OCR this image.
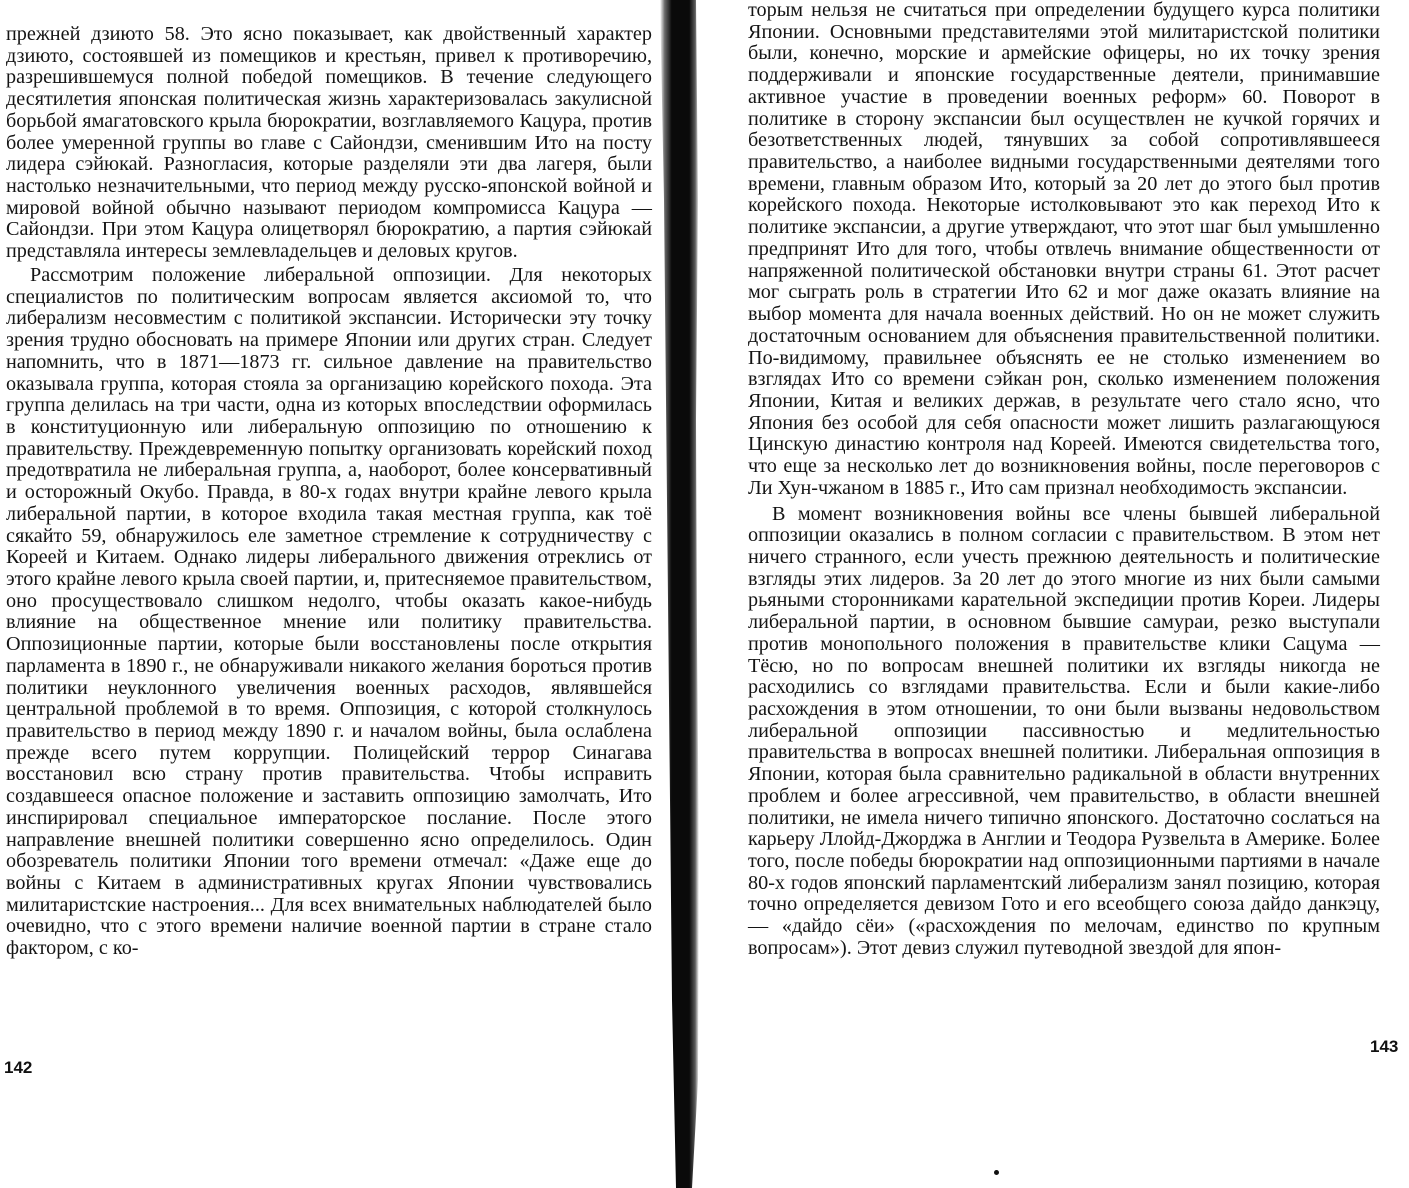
прежней дзиюто 58. Это ясно показывает, как двойственный характер дзиюто, состоявшей из помещиков и крестьян, привел к противоречию, разрешившемуся полной победой помещиков. В течение следующего десятилетия японская политическая жизнь характеризовалась закулисной борьбой ямагатовского крыла бюрократии, возглавляемого Кацура, против более умеренной группы во главе с Сайондзи, сменившим Ито на посту лидера сэйюкай. Разногласия, которые разделяли эти два лагеря, были настолько незначительными, что период между русско-японской войной и мировой войной обычно называют периодом компромисса Кацура — Сайондзи. При этом Кацура олицетворял бюрократию, а партия сэйюкай представляла интересы землевладельцев и деловых кругов.

Рассмотрим положение либеральной оппозиции. Для некоторых специалистов по политическим вопросам является аксиомой то, что либерализм несовместим с политикой экспансии. Исторически эту точку зрения трудно обосновать на примере Японии или других стран. Следует напомнить, что в 1871—1873 гг. сильное давление на правительство оказывала группа, которая стояла за организацию корейского похода. Эта группа делилась на три части, одна из которых впоследствии оформилась в конституционную или либеральную оппозицию по отношению к правительству. Преждевременную попытку организовать корейский поход предотвратила не либеральная группа, а, наоборот, более консервативный и осторожный Окубо. Правда, в 80-х годах внутри крайне левого крыла либеральной партии, в которое входила такая местная группа, как тоё сякайто 59, обнаружилось еле заметное стремление к сотрудничеству с Кореей и Китаем. Однако лидеры либерального движения отреклись от этого крайне левого крыла своей партии, и, притесняемое правительством, оно просуществовало слишком недолго, чтобы оказать какое-нибудь влияние на общественное мнение или политику правительства. Оппозиционные партии, которые были восстановлены после открытия парламента в 1890 г., не обнаруживали никакого желания бороться против политики неуклонного увеличения военных расходов, являвшейся центральной проблемой в то время. Оппозиция, с которой столкнулось правительство в период между 1890 г. и началом войны, была ослаблена прежде всего путем коррупции. Полицейский террор Синагава восстановил всю страну против правительства. Чтобы исправить создавшееся опасное положение и заставить оппозицию замолчать, Ито инспирировал специальное императорское послание. После этого направление внешней политики совершенно ясно определилось. Один обозреватель политики Японии того времени отмечал: «Даже еще до войны с Китаем в административных кругах Японии чувствовались милитаристские настроения... Для всех внимательных наблюдателей было очевидно, что с этого времени наличие военной партии в стране стало фактором, с ко-

142

торым нельзя не считаться при определении будущего курса политики Японии. Основными представителями этой милитаристской политики были, конечно, морские и армейские офицеры, но их точку зрения поддерживали и японские государственные деятели, принимавшие активное участие в проведении военных реформ» 60. Поворот в политике в сторону экспансии был осуществлен не кучкой горячих и безответственных людей, тянувших за собой сопротивлявшееся правительство, а наиболее видными государственными деятелями того времени, главным образом Ито, который за 20 лет до этого был против корейского похода. Некоторые истолковывают это как переход Ито к политике экспансии, а другие утверждают, что этот шаг был умышленно предпринят Ито для того, чтобы отвлечь внимание общественности от напряженной политической обстановки внутри страны 61. Этот расчет мог сыграть роль в стратегии Ито 62 и мог даже оказать влияние на выбор момента для начала военных действий. Но он не может служить достаточным основанием для объяснения правительственной политики. По-видимому, правильнее объяснять ее не столько изменением во взглядах Ито со времени сэйкан рон, сколько изменением положения Японии, Китая и великих держав, в результате чего стало ясно, что Япония без особой для себя опасности может лишить разлагающуюся Цинскую династию контроля над Кореей. Имеются свидетельства того, что еще за несколько лет до возникновения войны, после переговоров с Ли Хун-чжаном в 1885 г., Ито сам признал необходимость экспансии.

В момент возникновения войны все члены бывшей либеральной оппозиции оказались в полном согласии с правительством. В этом нет ничего странного, если учесть прежнюю деятельность и политические взгляды этих лидеров. За 20 лет до этого многие из них были самыми рьяными сторонниками карательной экспедиции против Кореи. Лидеры либеральной партии, в основном бывшие самураи, резко выступали против монопольного положения в правительстве клики Сацума — Тёсю, но по вопросам внешней политики их взгляды никогда не расходились со взглядами правительства. Если и были какие-либо расхождения в этом отношении, то они были вызваны недовольством либеральной оппозиции пассивностью и медлительностью правительства в вопросах внешней политики. Либеральная оппозиция в Японии, которая была сравнительно радикальной в области внутренних проблем и более агрессивной, чем правительство, в области внешней политики, не имела ничего типично японского. Достаточно сослаться на карьеру Ллойд-Джорджа в Англии и Теодора Рузвельта в Америке. Более того, после победы бюрократии над оппозиционными партиями в начале 80-х годов японский парламентский либерализм занял позицию, которая точно определяется девизом Гото и его всеобщего союза дайдо данкэцу, — «дайдо сёи» («расхождения по мелочам, единство по крупным вопросам»). Этот девиз служил путеводной звездой для япон-

143
